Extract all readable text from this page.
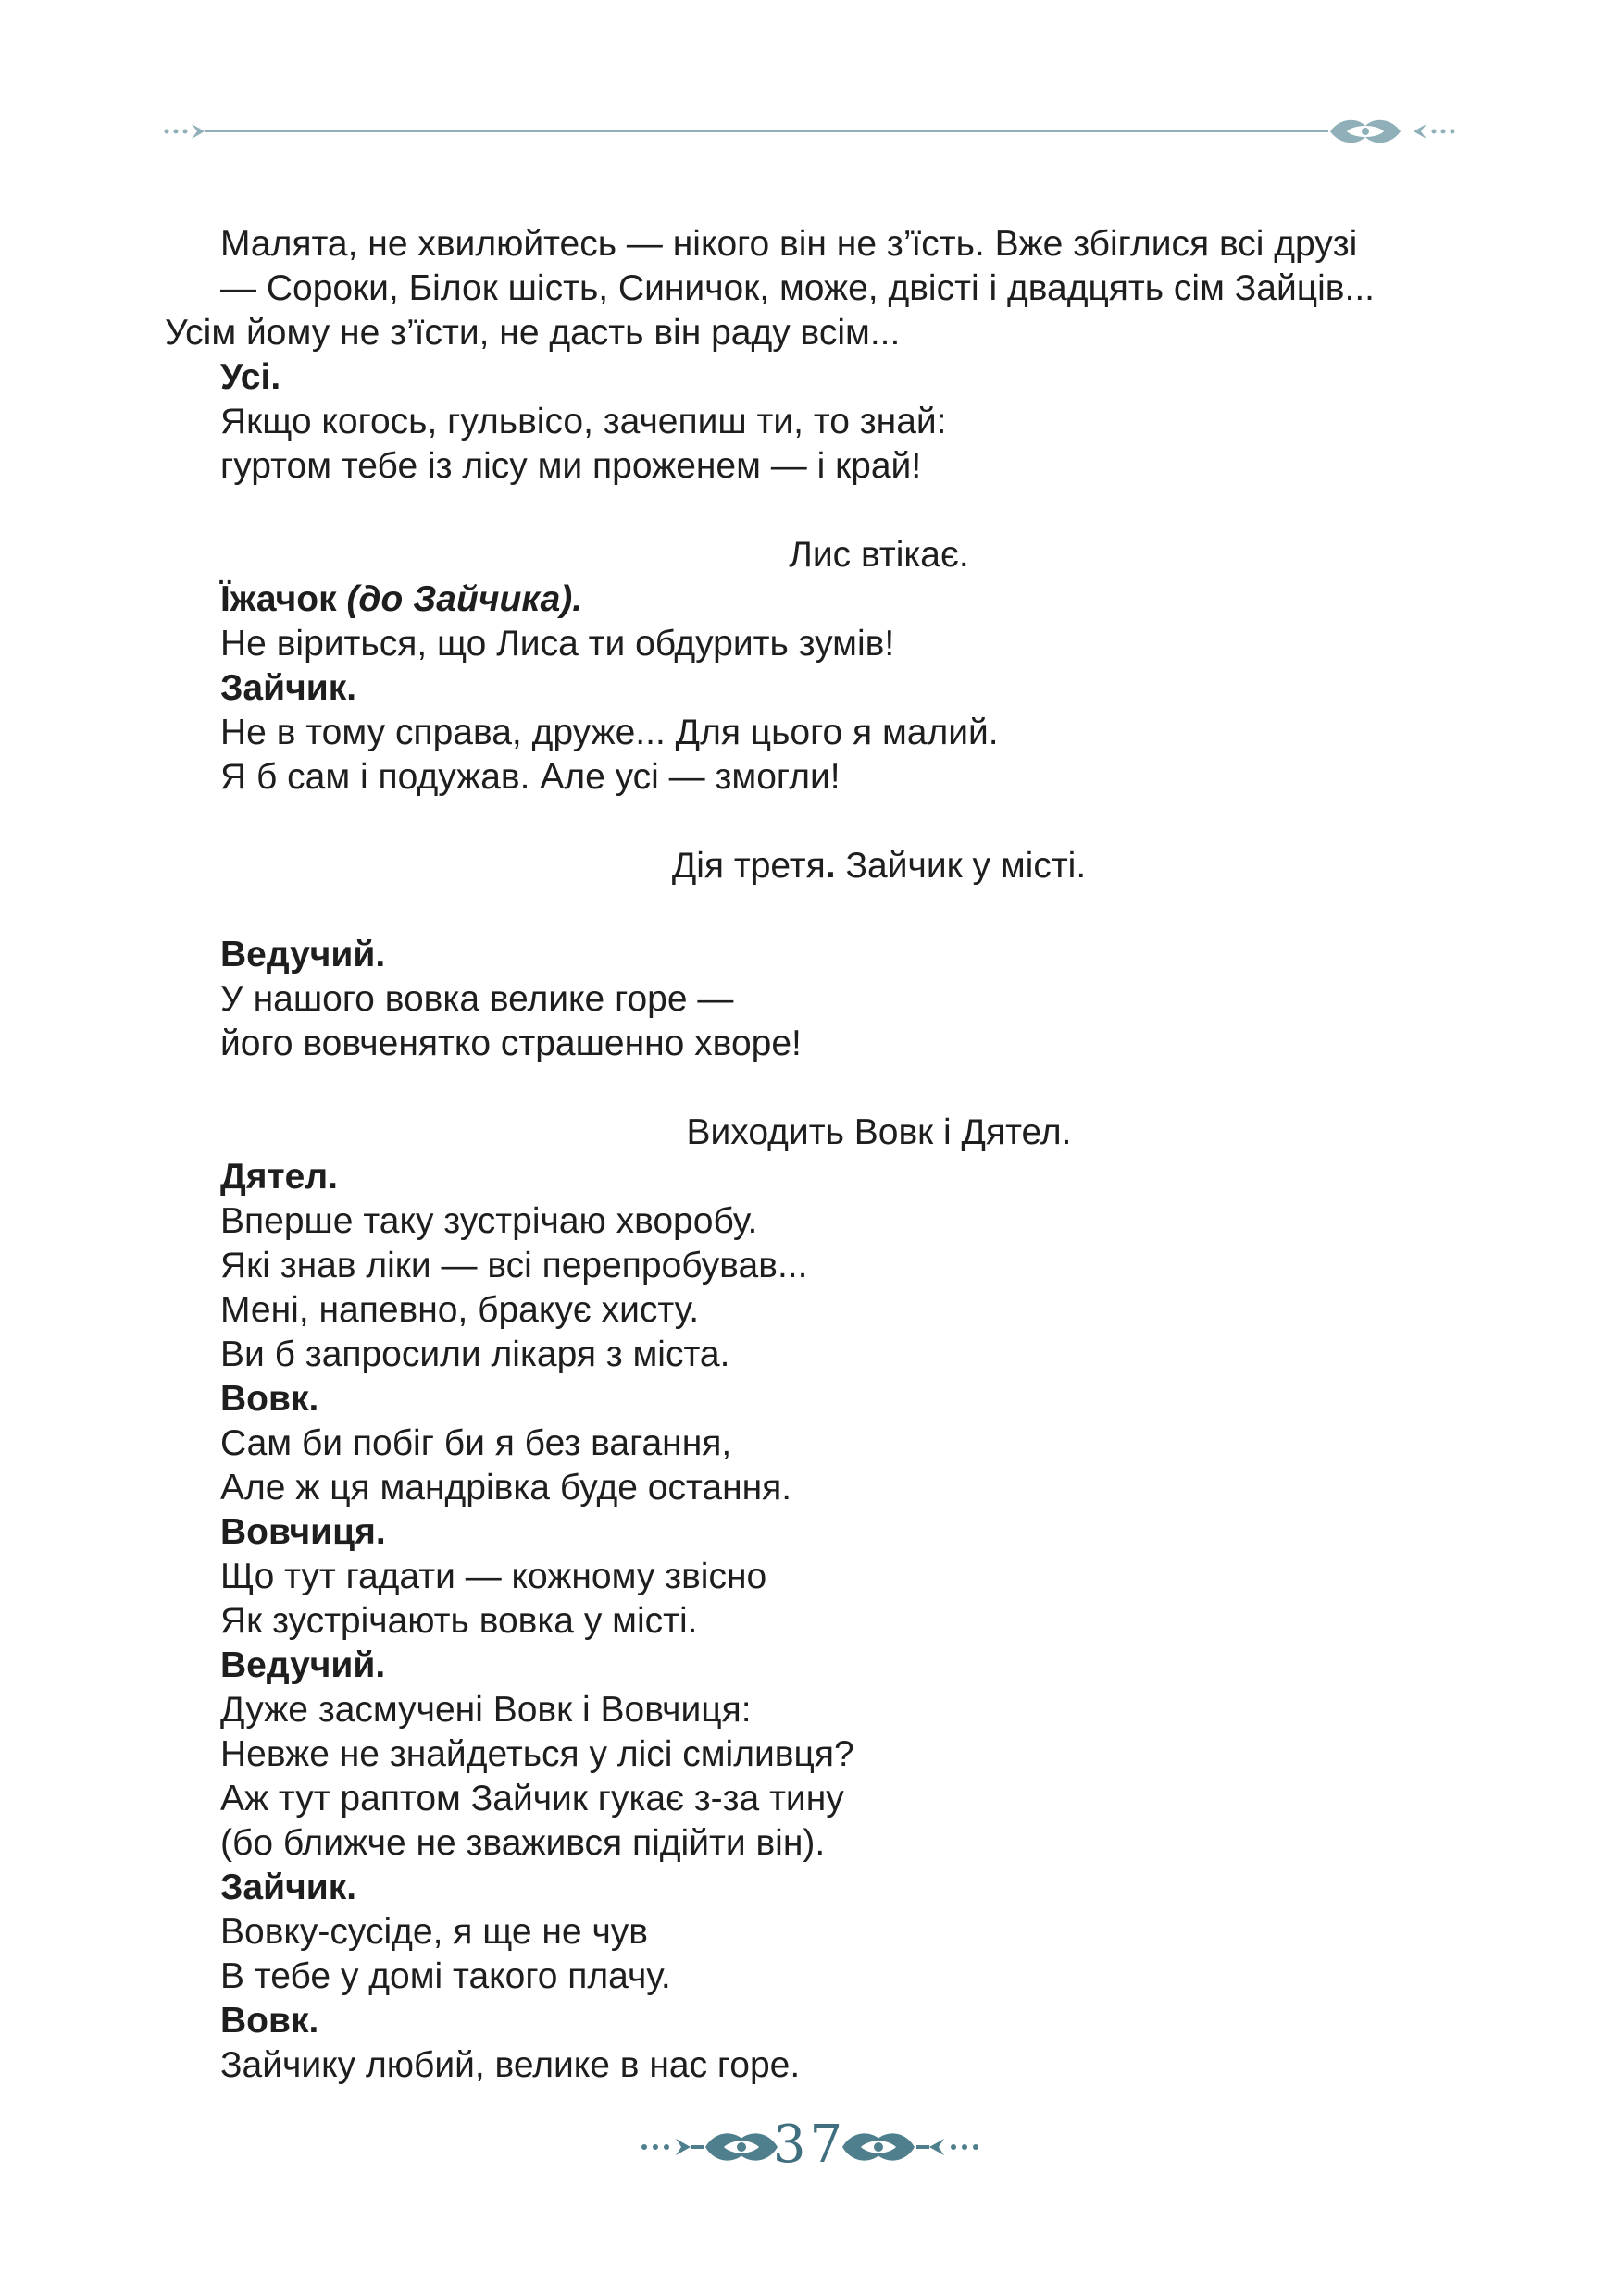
Малята, не хвилюйтесь — нікого він не з’їсть. Вже збіглися всі друзі
— Сороки, Білок шість, Синичок, може, двісті і двадцять сім Зайців...
Усім йому не з’їсти, не дасть він раду всім...
Усі.
Якщо когось, гульвісо, зачепиш ти, то знай:
гуртом тебе із лісу ми проженем — і край!
Лис втікає.
Їжачок (до Зайчика).
Не віриться, що Лиса ти обдурить зумів!
Зайчик.
Не в тому справа, друже... Для цього я малий.
Я б сам і подужав. Але усі — змогли!
Дія третя. Зайчик у місті.
Ведучий.
У нашого вовка велике горе —
його вовченятко страшенно хворе!
Виходить Вовк і Дятел.
Дятел.
Вперше таку зустрічаю хворобу.
Які знав ліки — всі перепробував...
Мені, напевно, бракує хисту.
Ви б запросили лікаря з міста.
Вовк.
Сам би побіг би я без вагання,
Але ж ця мандрівка буде остання.
Вовчиця.
Що тут гадати — кожному звісно
Як зустрічають вовка у місті.
Ведучий.
Дуже засмучені Вовк і Вовчиця:
Невже не знайдеться у лісі сміливця?
Аж тут раптом Зайчик гукає з-за тину
(бо ближче не зважився підійти він).
Зайчик.
Вовку-сусіде, я ще не чув
В тебе у домі такого плачу.
Вовк.
Зайчику любий, велике в нас горе.
37
